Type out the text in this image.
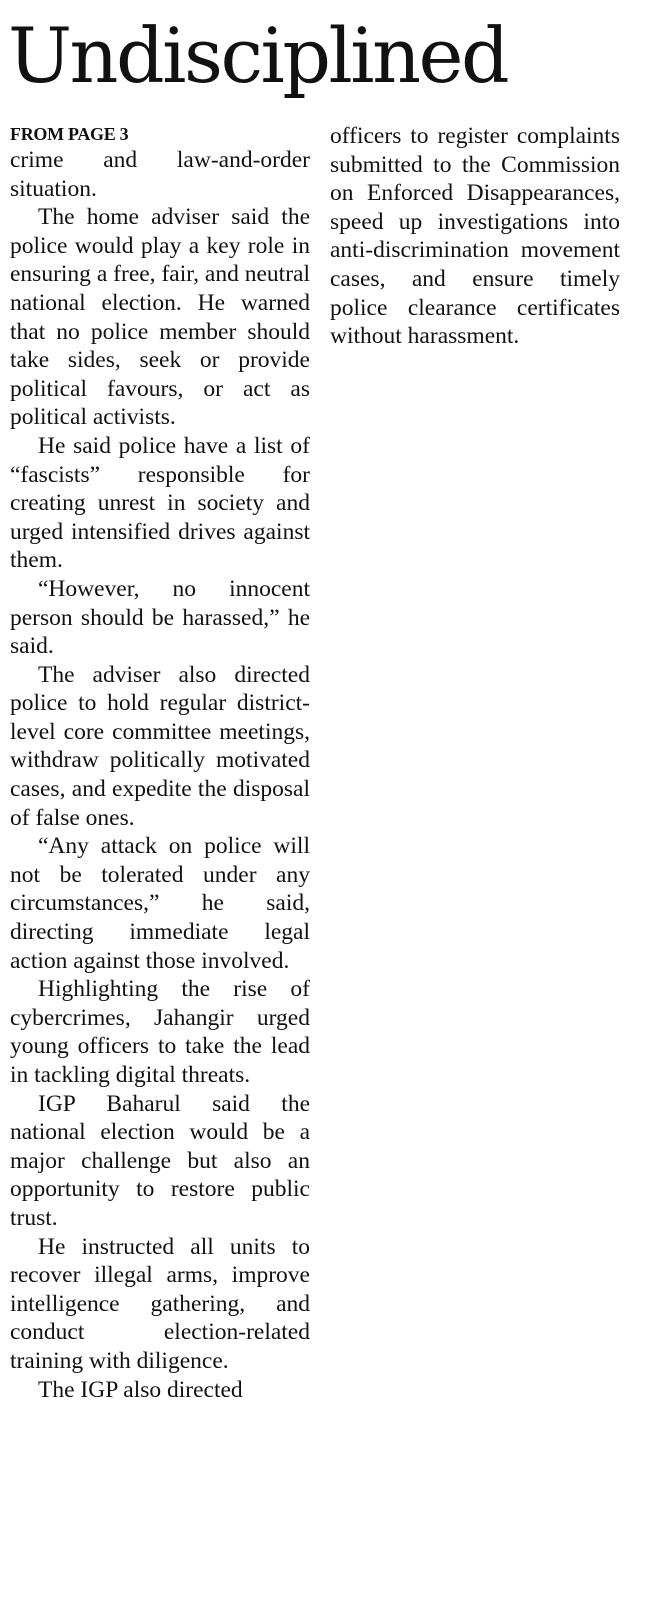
Undisciplined

FROM PAGE 3

crime and law-and-order situation.

The home adviser said the police would play a key role in ensuring a free, fair, and neutral national election. He warned that no police member should take sides, seek or provide political favours, or act as political activists.

He said police have a list of “fascists” responsible for creating unrest in society and urged intensified drives against them.

“However, no innocent person should be harassed,” he said.

The adviser also directed police to hold regular district-level core committee meetings, withdraw politically motivated cases, and expedite the disposal of false ones.

“Any attack on police will not be tolerated under any circumstances,” he said, directing immediate legal action against those involved.

Highlighting the rise of cybercrimes, Jahangir urged young officers to take the lead in tackling digital threats.

IGP Baharul said the national election would be a major challenge but also an opportunity to restore public trust.

He instructed all units to recover illegal arms, improve intelligence gathering, and conduct election-related training with diligence.

The IGP also directed

officers to register complaints submitted to the Commission on Enforced Disappearances, speed up investigations into anti-discrimination movement cases, and ensure timely police clearance certificates without harassment.
